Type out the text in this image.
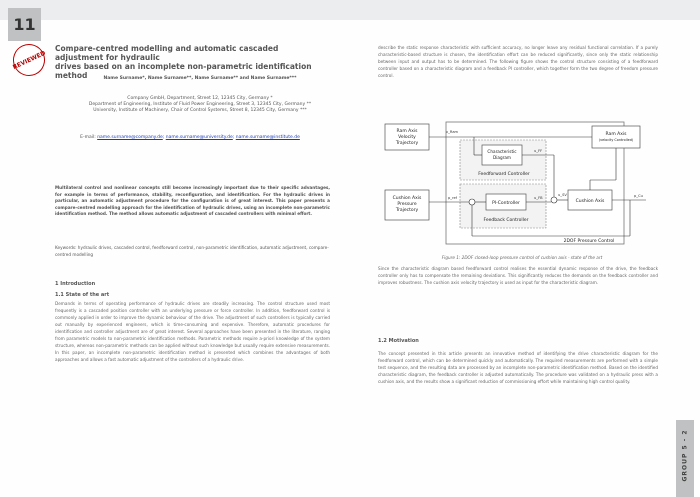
11
REVIEWED
Compare-centred modelling and automatic cascaded adjustment for hydraulic
drives based on an incomplete non-parametric identification method	Name Surname*, Name Surname**, Name Surname** and Name Surname***
Company GmbH, Department, Street 12, 12345 City, Germany *
Department of Engineering, Institute of Fluid Power Engineering, Street 3, 12345 City, Germany **
University, Institute of Machinery, Chair of Control Systems, Street 8, 12345 City, Germany ***
E-mail: name.surname@company.de; name.surname@university.de; name.surname@institute.de
Multilateral control and nonlinear concepts still become increasingly important due to their specific advantages, for example in terms of performance, stability, reconfiguration, and identification. For the hydraulic drives in particular, an automatic adjustment procedure for the configuration is of great interest. This paper presents a compare-centred modelling approach for the identification of hydraulic drives, using an incomplete non-parametric identification method. The method allows automatic adjustment of cascaded controllers with minimal effort.
Keywords: hydraulic drives, cascaded control, feedforward control, non-parametric identification, automatic adjustment, compare-centred modelling
1 Introduction
1.1 State of the art
Demands in terms of operating performance of hydraulic drives are steadily increasing. The control structure used most frequently is a cascaded position controller with an underlying pressure or force controller. In addition, feedforward control is commonly applied in order to improve the dynamic behaviour of the drive. The adjustment of such controllers is typically carried out manually by experienced engineers, which is time-consuming and expensive. Therefore, automatic procedures for identification and controller adjustment are of great interest. Several approaches have been presented in the literature, ranging from parametric models to non-parametric identification methods. Parametric methods require a-priori knowledge of the system structure, whereas non-parametric methods can be applied without such knowledge but usually require extensive measurements. In this paper, an incomplete non-parametric identification method is presented which combines the advantages of both approaches and allows a fast automatic adjustment of the controllers of a hydraulic drive.
describe the static response characteristic with sufficient accuracy, no longer leave any residual functional correlation. If a purely characteristic-based structure is chosen, the identification effort can be reduced significantly, since only the static relationship between input and output has to be determined. The following figure shows the control structure consisting of a feedforward controller based on a characteristic diagram and a feedback PI controller, which together form the two degree of freedom pressure control.
Ram Axis
Velocity
Trajectory
Ram Axis
(velocity Controlled)
Characteristic
Diagram
Feedforward Controller
Cushion Axis
Pressure
Trajectory
PI-Controller
Feedback Controller
Cushion Axis
v_Ram
p_ref
u_FF
u_FB
u_SV	p_Cu
2DOF Pressure Control
Figure 1: 2DOF closed-loop pressure control of cushion axis - state of the art
Since the characteristic diagram based feedforward control realises the essential dynamic response of the drive, the feedback controller only has to compensate the remaining deviations. This significantly reduces the demands on the feedback controller and improves robustness. The cushion axis velocity trajectory is used as input for the characteristic diagram.
1.2 Motivation
The concept presented in this article presents an innovative method of identifying the drive characteristic diagram for the feedforward control, which can be determined quickly and automatically. The required measurements are performed with a simple test sequence, and the resulting data are processed by an incomplete non-parametric identification method. Based on the identified characteristic diagram, the feedback controller is adjusted automatically. The procedure was validated on a hydraulic press with a cushion axis, and the results show a significant reduction of commissioning effort while maintaining high control quality.
GROUP 5 - 2
